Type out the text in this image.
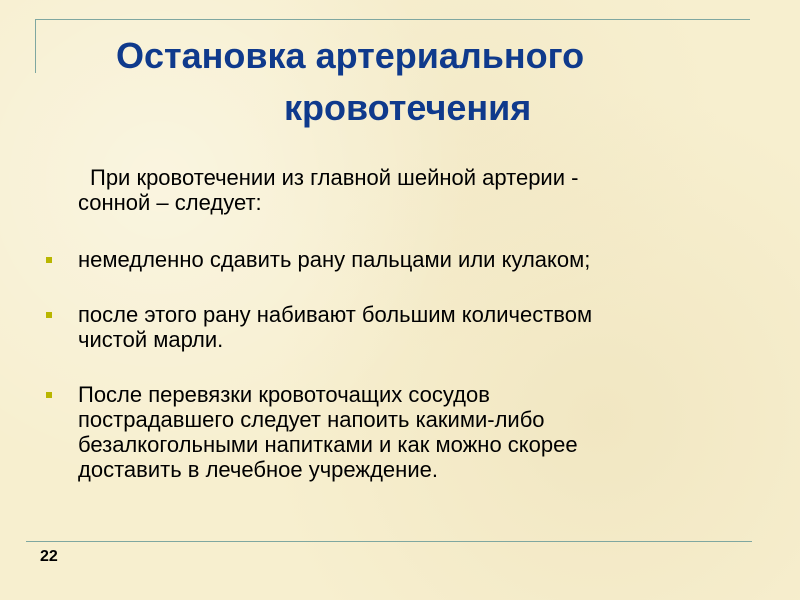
Остановка артериального
кровотечения
При кровотечении из главной шейной артерии -
сонной – следует:
немедленно сдавить рану пальцами или кулаком;
после этого рану набивают большим количеством
чистой марли.
После перевязки кровоточащих сосудов
пострадавшего следует напоить какими-либо
безалкогольными напитками и как можно скорее
доставить в лечебное учреждение.
22
